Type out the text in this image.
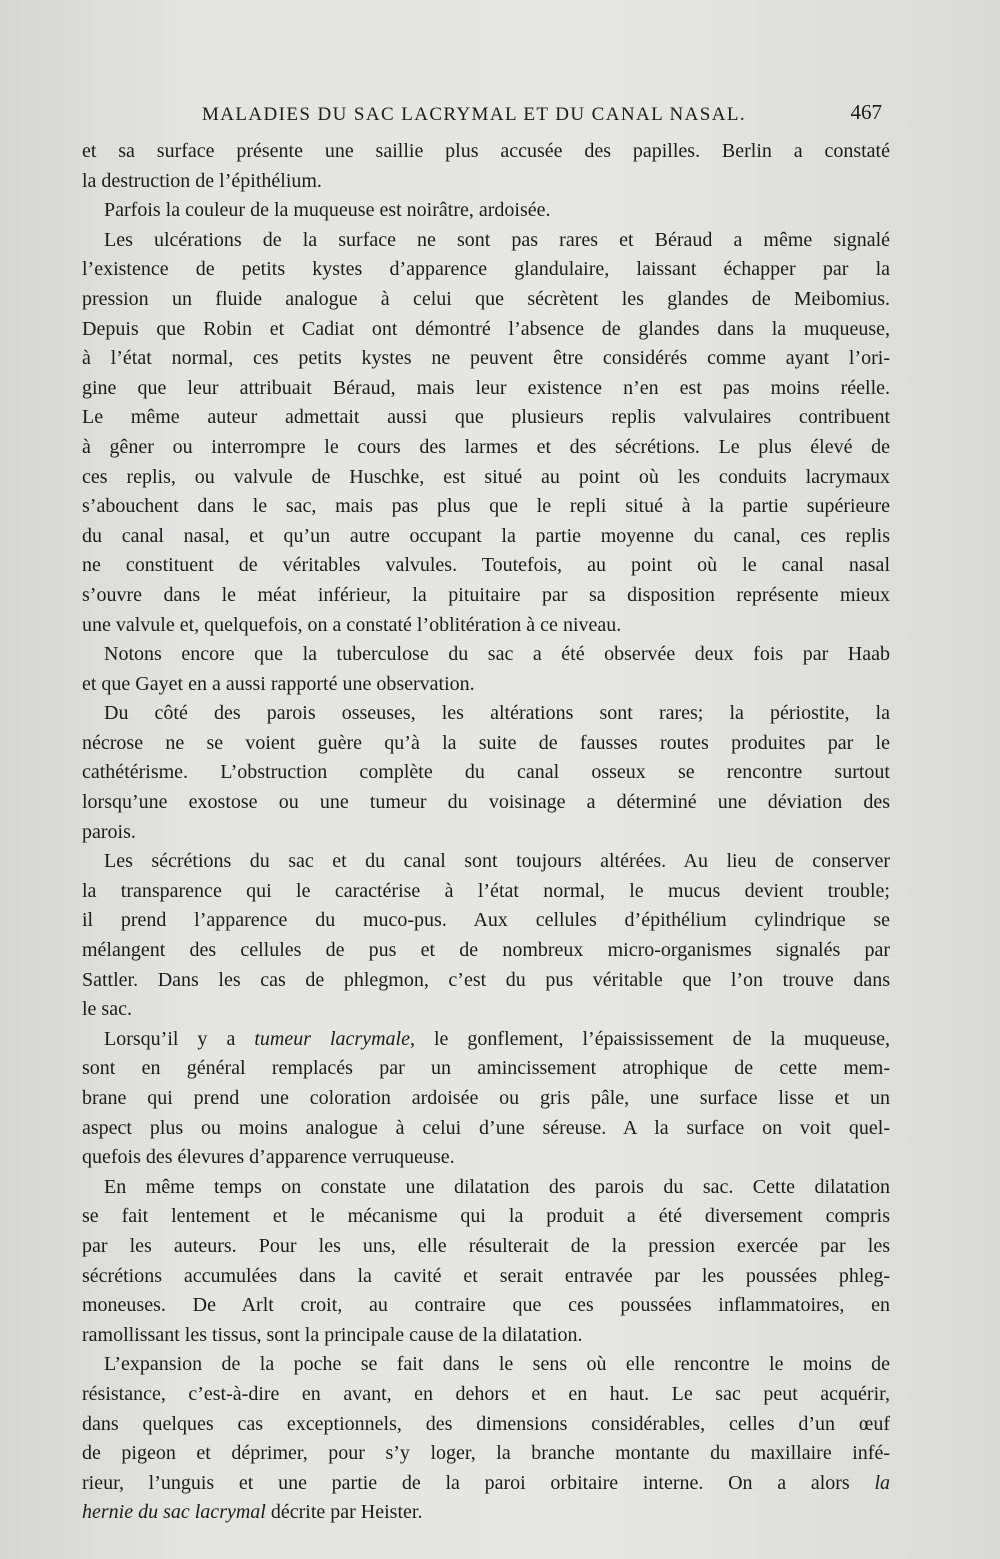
MALADIES DU SAC LACRYMAL ET DU CANAL NASAL.	467
et sa surface présente une saillie plus accusée des papilles. Berlin a constaté
la destruction de l’épithélium.
Parfois la couleur de la muqueuse est noirâtre, ardoisée.
Les ulcérations de la surface ne sont pas rares et Béraud a même signalé
l’existence de petits kystes d’apparence glandulaire, laissant échapper par la
pression un fluide analogue à celui que sécrètent les glandes de Meibomius.
Depuis que Robin et Cadiat ont démontré l’absence de glandes dans la muqueuse,
à l’état normal, ces petits kystes ne peuvent être considérés comme ayant l’ori-
gine que leur attribuait Béraud, mais leur existence n’en est pas moins réelle.
Le même auteur admettait aussi que plusieurs replis valvulaires contribuent
à gêner ou interrompre le cours des larmes et des sécrétions. Le plus élevé de
ces replis, ou valvule de Huschke, est situé au point où les conduits lacrymaux
s’abouchent dans le sac, mais pas plus que le repli situé à la partie supérieure
du canal nasal, et qu’un autre occupant la partie moyenne du canal, ces replis
ne constituent de véritables valvules. Toutefois, au point où le canal nasal
s’ouvre dans le méat inférieur, la pituitaire par sa disposition représente mieux
une valvule et, quelquefois, on a constaté l’oblitération à ce niveau.
Notons encore que la tuberculose du sac a été observée deux fois par Haab
et que Gayet en a aussi rapporté une observation.
Du côté des parois osseuses, les altérations sont rares; la périostite, la
nécrose ne se voient guère qu’à la suite de fausses routes produites par le
cathétérisme. L’obstruction complète du canal osseux se rencontre surtout
lorsqu’une exostose ou une tumeur du voisinage a déterminé une déviation des
parois.
Les sécrétions du sac et du canal sont toujours altérées. Au lieu de conserver
la transparence qui le caractérise à l’état normal, le mucus devient trouble;
il prend l’apparence du muco-pus. Aux cellules d’épithélium cylindrique se
mélangent des cellules de pus et de nombreux micro-organismes signalés par
Sattler. Dans les cas de phlegmon, c’est du pus véritable que l’on trouve dans
le sac.
Lorsqu’il y a tumeur lacrymale, le gonflement, l’épaississement de la muqueuse,
sont en général remplacés par un amincissement atrophique de cette mem-
brane qui prend une coloration ardoisée ou gris pâle, une surface lisse et un
aspect plus ou moins analogue à celui d’une séreuse. A la surface on voit quel-
quefois des élevures d’apparence verruqueuse.
En même temps on constate une dilatation des parois du sac. Cette dilatation
se fait lentement et le mécanisme qui la produit a été diversement compris
par les auteurs. Pour les uns, elle résulterait de la pression exercée par les
sécrétions accumulées dans la cavité et serait entravée par les poussées phleg-
moneuses. De Arlt croit, au contraire que ces poussées inflammatoires, en
ramollissant les tissus, sont la principale cause de la dilatation.
L’expansion de la poche se fait dans le sens où elle rencontre le moins de
résistance, c’est-à-dire en avant, en dehors et en haut. Le sac peut acquérir,
dans quelques cas exceptionnels, des dimensions considérables, celles d’un œuf
de pigeon et déprimer, pour s’y loger, la branche montante du maxillaire infé-
rieur, l’unguis et une partie de la paroi orbitaire interne. On a alors la
hernie du sac lacrymal décrite par Heister.
